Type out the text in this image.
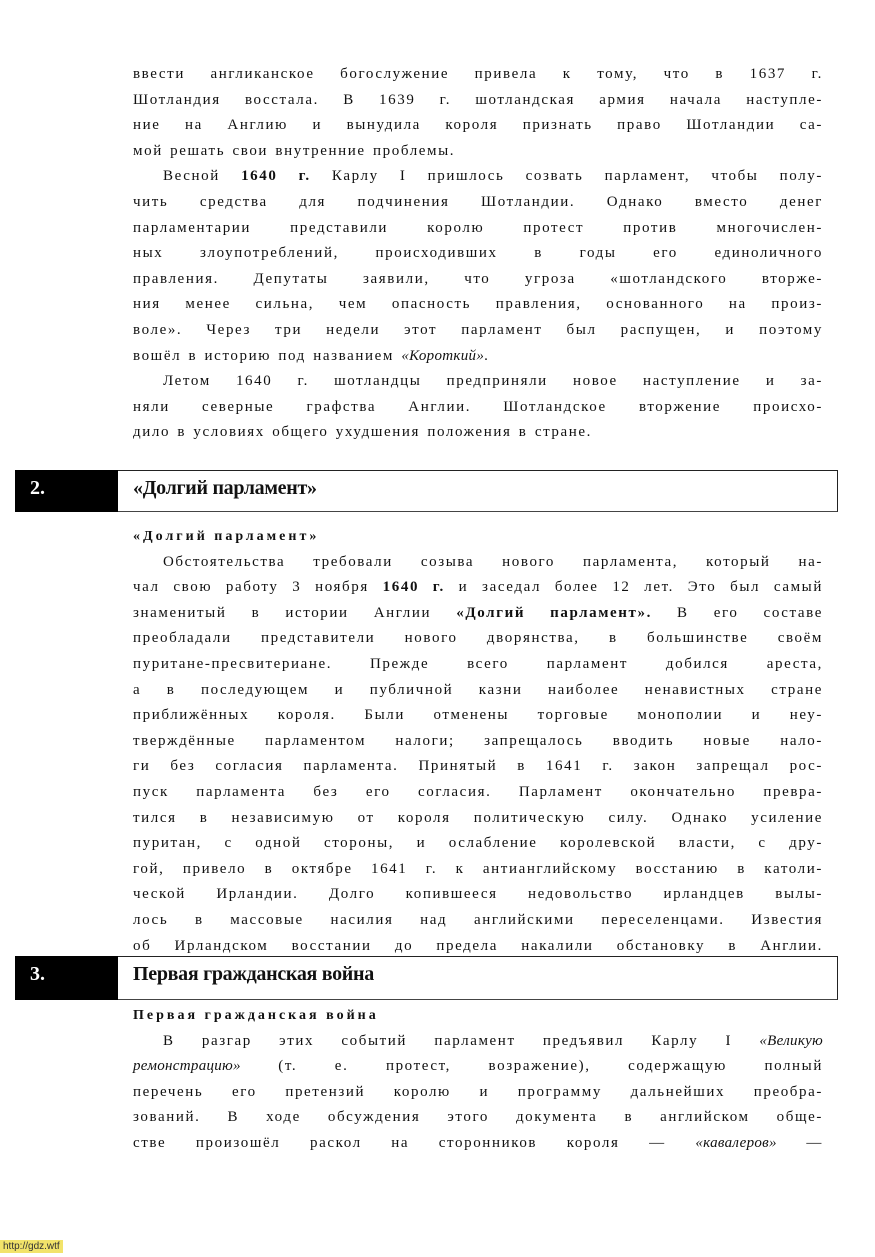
ввести англиканское богослужение привела к тому, что в 1637 г.
Шотландия восстала. В 1639 г. шотландская армия начала наступле-
ние на Англию и вынудила короля признать право Шотландии са-
мой решать свои внутренние проблемы.
Весной 1640 г. Карлу I пришлось созвать парламент, чтобы полу-
чить средства для подчинения Шотландии. Однако вместо денег
парламентарии представили королю протест против многочислен-
ных злоупотреблений, происходивших в годы его единоличного
правления. Депутаты заявили, что угроза «шотландского вторже-
ния менее сильна, чем опасность правления, основанного на произ-
воле». Через три недели этот парламент был распущен, и поэтому
вошёл в историю под названием «Короткий».
Летом 1640 г. шотландцы предприняли новое наступление и за-
няли северные графства Англии. Шотландское вторжение происхо-
дило в условиях общего ухудшения положения в стране.
2.	«Долгий парламент»
«Долгий парламент»
Обстоятельства требовали созыва нового парламента, который на-
чал свою работу 3 ноября 1640 г. и заседал более 12 лет. Это был самый
знаменитый в истории Англии «Долгий парламент». В его составе
преобладали представители нового дворянства, в большинстве своём
пуритане-пресвитериане. Прежде всего парламент добился ареста,
а в последующем и публичной казни наиболее ненавистных стране
приближённых короля. Были отменены торговые монополии и неу-
тверждённые парламентом налоги; запрещалось вводить новые нало-
ги без согласия парламента. Принятый в 1641 г. закон запрещал рос-
пуск парламента без его согласия. Парламент окончательно превра-
тился в независимую от короля политическую силу. Однако усиление
пуритан, с одной стороны, и ослабление королевской власти, с дру-
гой, привело в октябре 1641 г. к антианглийскому восстанию в католи-
ческой Ирландии. Долго копившееся недовольство ирландцев вылы-
лось в массовые насилия над английскими переселенцами. Известия
об Ирландском восстании до предела накалили обстановку в Англии.
3.	Первая гражданская война
Первая гражданская война
В разгар этих событий парламент предъявил Карлу I «Великую
ремонстрацию» (т. е. протест, возражение), содержащую полный
перечень его претензий королю и программу дальнейших преобра-
зований. В ходе обсуждения этого документа в английском обще-
стве произошёл раскол на сторонников короля — «кавалеров» —
http://gdz.wtf
